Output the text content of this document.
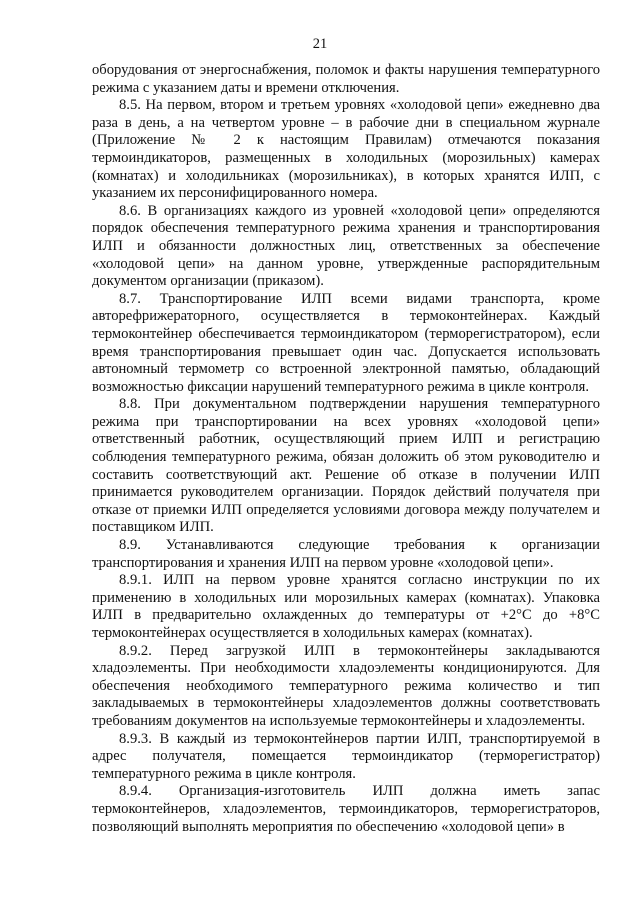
21

оборудования от энергоснабжения, поломок и факты нарушения температурного режима с указанием даты и времени отключения.

8.5. На первом, втором и третьем уровнях «холодовой цепи» ежедневно два раза в день, а на четвертом уровне – в рабочие дни в специальном журнале (Приложение № 2 к настоящим Правилам) отмечаются показания термоиндикаторов, размещенных в холодильных (морозильных) камерах (комнатах) и холодильниках (морозильниках), в которых хранятся ИЛП, с указанием их персонифицированного номера.

8.6. В организациях каждого из уровней «холодовой цепи» определяются порядок обеспечения температурного режима хранения и транспортирования ИЛП и обязанности должностных лиц, ответственных за обеспечение «холодовой цепи» на данном уровне, утвержденные распорядительным документом организации (приказом).

8.7. Транспортирование ИЛП всеми видами транспорта, кроме авторефрижераторного, осуществляется в термоконтейнерах. Каждый термоконтейнер обеспечивается термоиндикатором (терморегистратором), если время транспортирования превышает один час. Допускается использовать автономный термометр со встроенной электронной памятью, обладающий возможностью фиксации нарушений температурного режима в цикле контроля.

8.8. При документальном подтверждении нарушения температурного режима при транспортировании на всех уровнях «холодовой цепи» ответственный работник, осуществляющий прием ИЛП и регистрацию соблюдения температурного режима, обязан доложить об этом руководителю и составить соответствующий акт. Решение об отказе в получении ИЛП принимается руководителем организации. Порядок действий получателя при отказе от приемки ИЛП определяется условиями договора между получателем и поставщиком ИЛП.

8.9. Устанавливаются следующие требования к организации транспортирования и хранения ИЛП на первом уровне «холодовой цепи».

8.9.1. ИЛП на первом уровне хранятся согласно инструкции по их применению в холодильных или морозильных камерах (комнатах). Упаковка ИЛП в предварительно охлажденных до температуры от +2°С до +8°С термоконтейнерах осуществляется в холодильных камерах (комнатах).

8.9.2. Перед загрузкой ИЛП в термоконтейнеры закладываются хладоэлементы. При необходимости хладоэлементы кондиционируются. Для обеспечения необходимого температурного режима количество и тип закладываемых в термоконтейнеры хладоэлементов должны соответствовать требованиям документов на используемые термоконтейнеры и хладоэлементы.

8.9.3. В каждый из термоконтейнеров партии ИЛП, транспортируемой в адрес получателя, помещается термоиндикатор (терморегистратор) температурного режима в цикле контроля.

8.9.4. Организация-изготовитель ИЛП должна иметь запас термоконтейнеров, хладоэлементов, термоиндикаторов, терморегистраторов, позволяющий выполнять мероприятия по обеспечению «холодовой цепи» в
